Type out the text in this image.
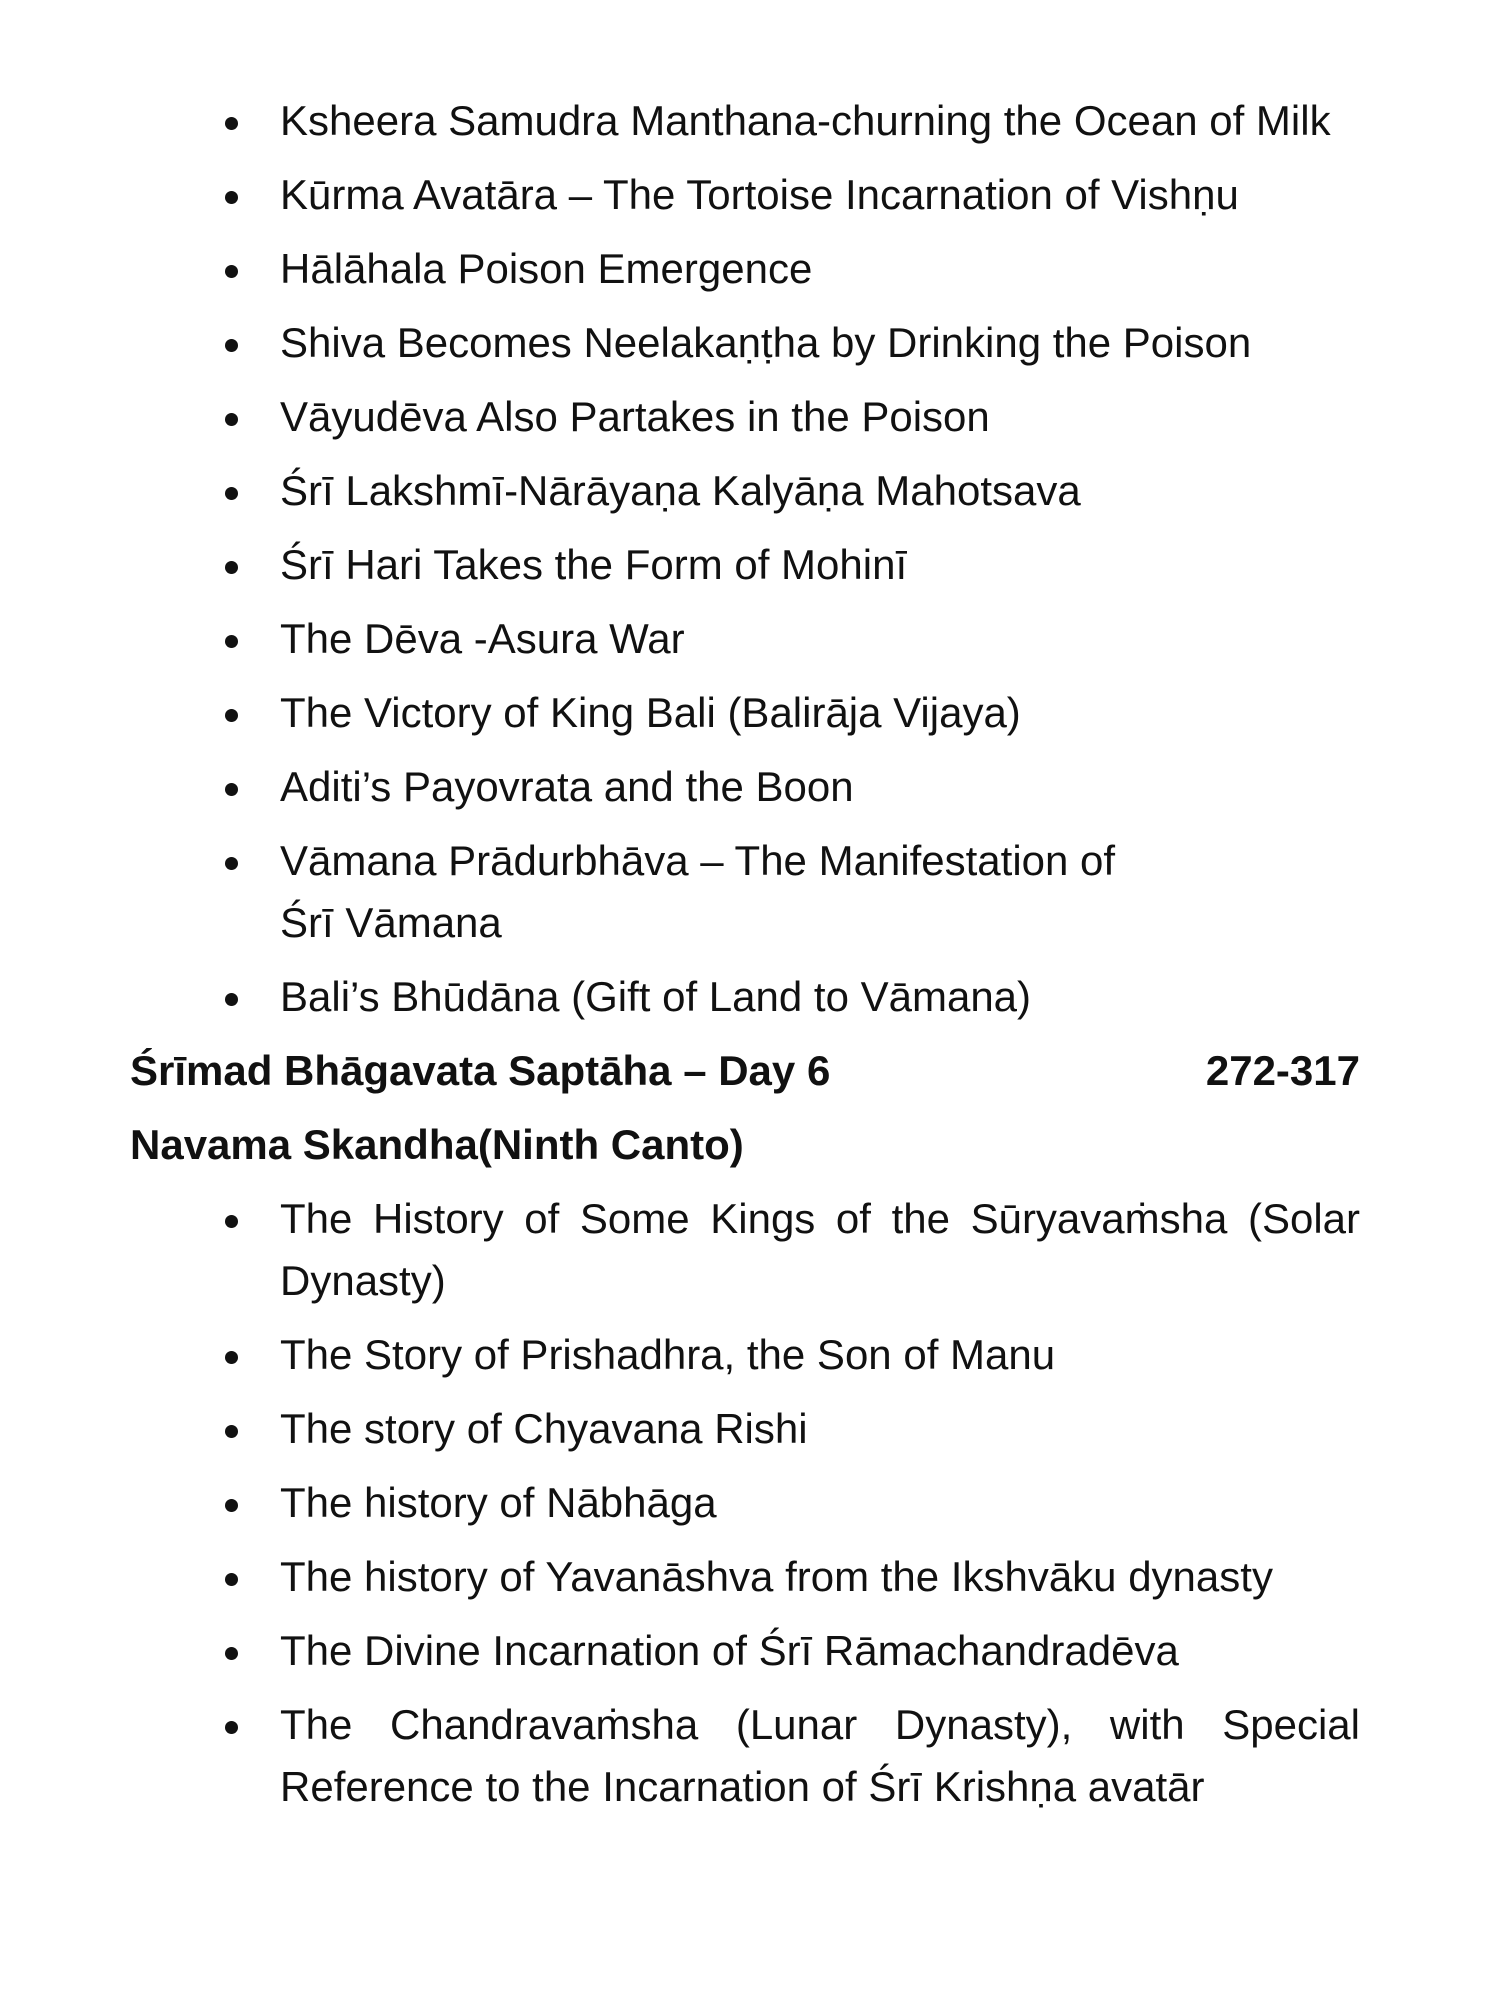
Ksheera Samudra Manthana-churning the Ocean of Milk
Kūrma Avatāra – The Tortoise Incarnation of Vishṇu
Hālāhala Poison Emergence
Shiva Becomes Neelakaṇṭha by Drinking the Poison
Vāyudēva Also Partakes in the Poison
Śrī Lakshmī-Nārāyaṇa Kalyāṇa Mahotsava
Śrī Hari Takes the Form of Mohinī
The Dēva -Asura War
The Victory of King Bali (Balirāja Vijaya)
Aditi’s Payovrata and the Boon
Vāmana Prādurbhāva – The Manifestation of
Śrī Vāmana
Bali’s Bhūdāna (Gift of Land to Vāmana)
Śrīmad Bhāgavata Saptāha – Day 6	272-317
Navama Skandha(Ninth Canto)
The History of Some Kings of the Sūryavaṁsha (Solar Dynasty)
The Story of Prishadhra, the Son of Manu
The story of Chyavana Rishi
The history of Nābhāga
The history of Yavanāshva from the Ikshvāku dynasty
The Divine Incarnation of Śrī Rāmachandradēva
The Chandravaṁsha (Lunar Dynasty), with Special Reference to the Incarnation of Śrī Krishṇa avatār
